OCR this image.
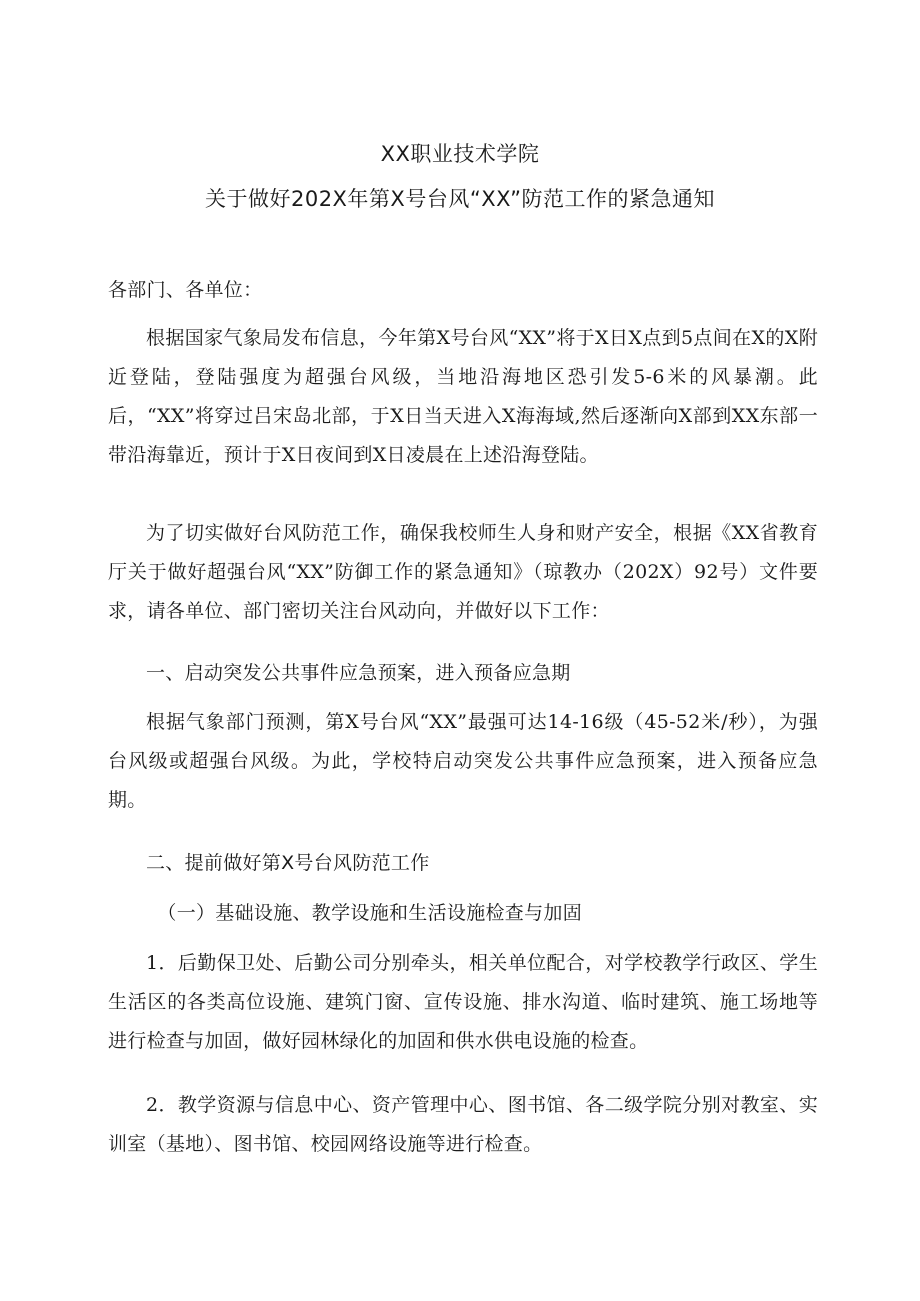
XX职业技术学院
关于做好202X年第X号台风“XX”防范工作的紧急通知
各部门、各单位：
根据国家气象局发布信息，今年第X号台风“XX”将于X日X点到5点间在X的X附近登陆，登陆强度为超强台风级，当地沿海地区恐引发5-6米的风暴潮。此后，“XX”将穿过吕宋岛北部，于X日当天进入X海海域,然后逐渐向X部到XX东部一带沿海靠近，预计于X日夜间到X日凌晨在上述沿海登陆。
为了切实做好台风防范工作，确保我校师生人身和财产安全，根据《XX省教育厅关于做好超强台风“XX”防御工作的紧急通知》（琼教办（202X）92号）文件要求，请各单位、部门密切关注台风动向，并做好以下工作：
一、启动突发公共事件应急预案，进入预备应急期
根据气象部门预测，第X号台风“XX”最强可达14-16级（45-52米/秒），为强台风级或超强台风级。为此，学校特启动突发公共事件应急预案，进入预备应急期。
二、提前做好第X号台风防范工作
（一）基础设施、教学设施和生活设施检查与加固
1．后勤保卫处、后勤公司分别牵头，相关单位配合，对学校教学行政区、学生生活区的各类高位设施、建筑门窗、宣传设施、排水沟道、临时建筑、施工场地等进行检查与加固，做好园林绿化的加固和供水供电设施的检查。
2．教学资源与信息中心、资产管理中心、图书馆、各二级学院分别对教室、实训室（基地）、图书馆、校园网络设施等进行检查。
